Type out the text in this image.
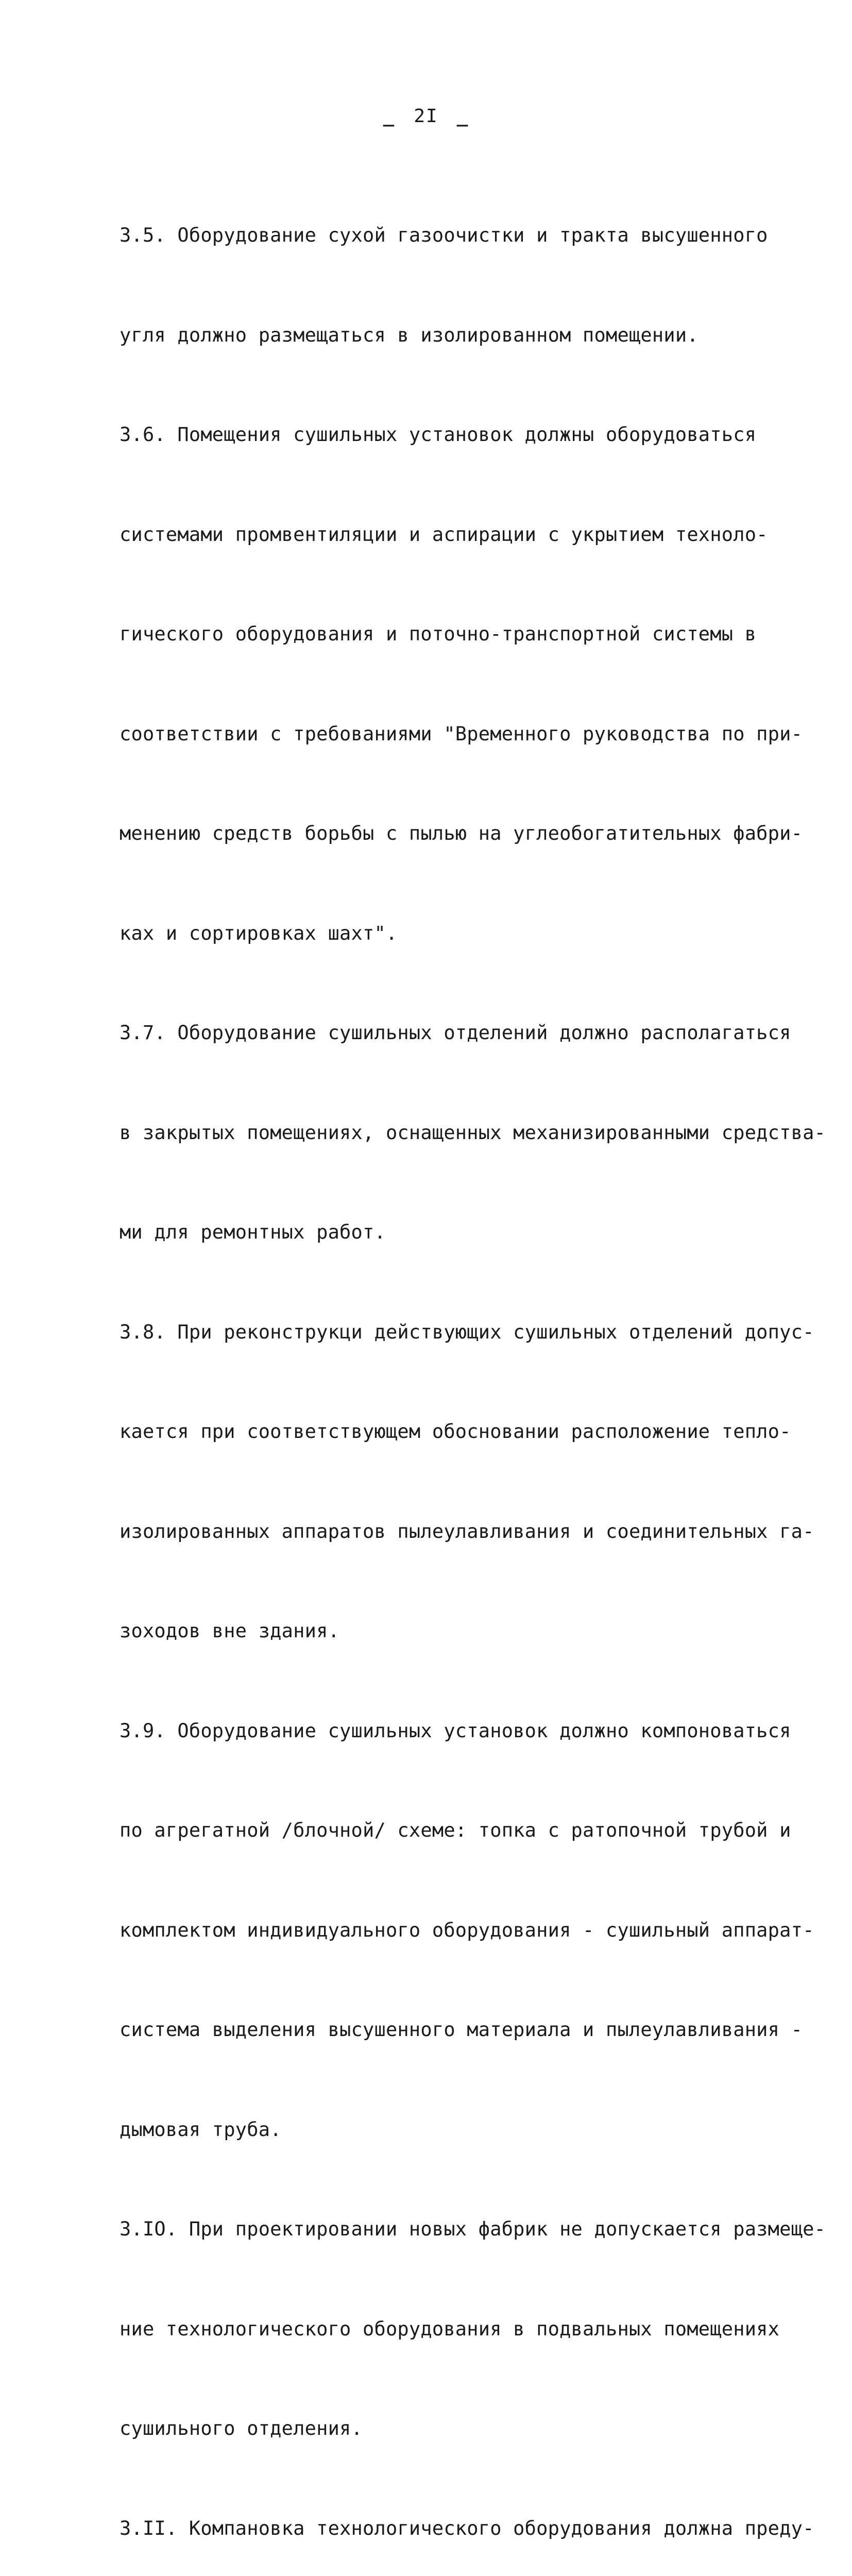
_ 2I _

3.5. Оборудование сухой газоочистки и тракта высушенного

угля должно размещаться в изолированном помещении.

3.6. Помещения сушильных установок должны оборудоваться

системами промвентиляции и аспирации с укрытием техноло-

гического оборудования и поточно-транспортной системы в

соответствии с требованиями "Временного руководства по при-

менению средств борьбы с пылью на углеобогатительных фабри-

ках и сортировках шахт".

3.7. Оборудование сушильных отделений должно располагаться

в закрытых помещениях, оснащенных механизированными средства-

ми для ремонтных работ.

3.8. При реконструкци действующих сушильных отделений допус-

кается при соответствующем обосновании расположение тепло-

изолированных аппаратов пылеулавливания и соединительных га-

зоходов вне здания.

3.9. Оборудование сушильных установок должно компоноваться

по агрегатной /блочной/ схеме: топка с ратопочной трубой и

комплектом индивидуального оборудования - сушильный аппарат-

система выделения высушенного материала и пылеулавливания -

дымовая труба.

3.IO. При проектировании новых фабрик не допускается размеще-

ние технологического оборудования в подвальных помещениях

сушильного отделения.

3.II. Компановка технологического оборудования должна преду-
